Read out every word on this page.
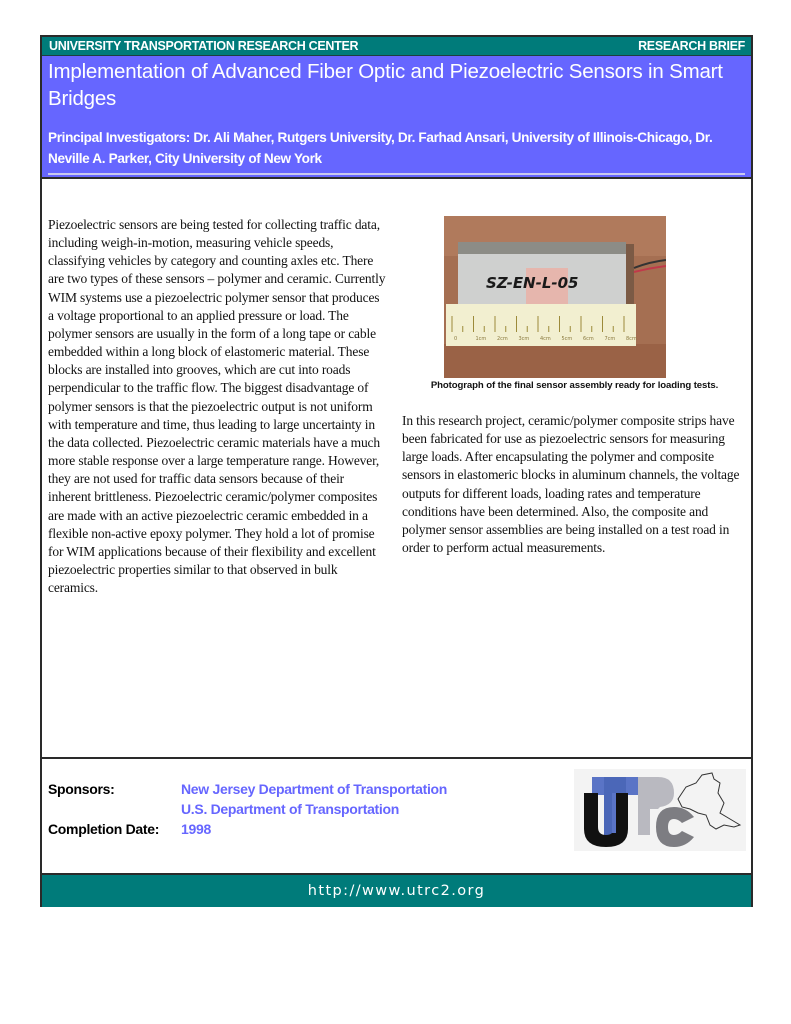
UNIVERSITY TRANSPORTATION RESEARCH CENTER	RESEARCH BRIEF
Implementation of Advanced Fiber Optic and Piezoelectric Sensors in Smart Bridges
Principal Investigators: Dr. Ali Maher, Rutgers University, Dr. Farhad Ansari, University of Illinois-Chicago, Dr. Neville A. Parker, City University of New York
Piezoelectric sensors are being tested for collecting traffic data, including weigh-in-motion, measuring vehicle speeds, classifying vehicles by category and counting axles etc. There are two types of these sensors – polymer and ceramic. Currently WIM systems use a piezoelectric polymer sensor that produces a voltage proportional to an applied pressure or load. The polymer sensors are usually in the form of a long tape or cable embedded within a long block of elastomeric material. These blocks are installed into grooves, which are cut into roads perpendicular to the traffic flow. The biggest disadvantage of polymer sensors is that the piezoelectric output is not uniform with temperature and time, thus leading to large uncertainty in the data collected. Piezoelectric ceramic materials have a much more stable response over a large temperature range. However, they are not used for traffic data sensors because of their inherent brittleness. Piezoelectric ceramic/polymer composites are made with an active piezoelectric ceramic embedded in a flexible non-active epoxy polymer. They hold a lot of promise for WIM applications because of their flexibility and excellent piezoelectric properties similar to that observed in bulk ceramics.
SZ-EN-L-05
0	1cm 2cm 3cm 4cm 5cm 6cm 7cm 8cm
Photograph of the final sensor assembly ready for loading tests.
In this research project, ceramic/polymer composite strips have been fabricated for use as piezoelectric sensors for measuring large loads. After encapsulating the polymer and composite sensors in elastomeric blocks in aluminum channels, the voltage outputs for different loads, loading rates and temperature conditions have been determined. Also, the composite and polymer sensor assemblies are being installed on a test road in order to perform actual measurements.
Sponsors:	New Jersey Department of Transportation
U.S. Department of Transportation
Completion Date: 1998
http://www.utrc2.org
